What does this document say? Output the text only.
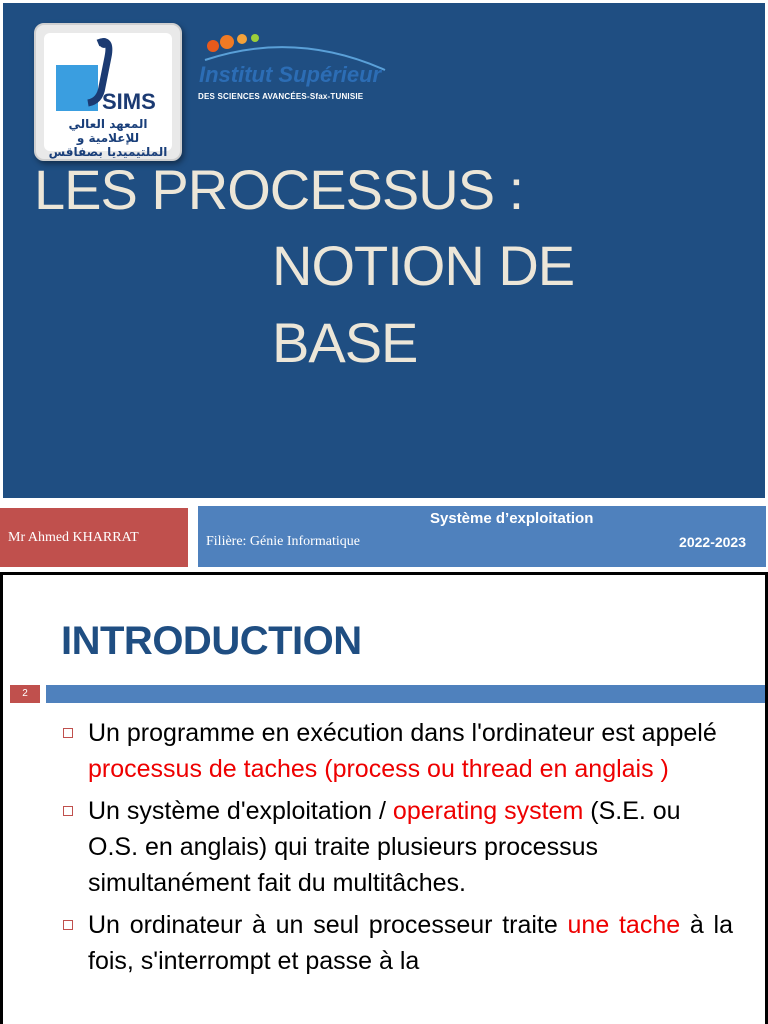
SIMS
المعهد العالي للإعلامية و الملتيميديا بصفاقس
Institut Supérieur
DES SCIENCES AVANCÉES-Sfax-TUNISIE
LES PROCESSUS :
NOTION DE
BASE
Mr Ahmed KHARRAT
Système d’exploitation
Filière: Génie Informatique	2022-2023
2
INTRODUCTION
Un programme en exécution dans l'ordinateur est appelé processus de taches (process ou thread en anglais )
Un système d'exploitation / operating system (S.E. ou O.S. en anglais) qui traite plusieurs processus simultanément fait du multitâches.
Un ordinateur à un seul processeur traite une tache à la fois, s'interrompt et passe à la
